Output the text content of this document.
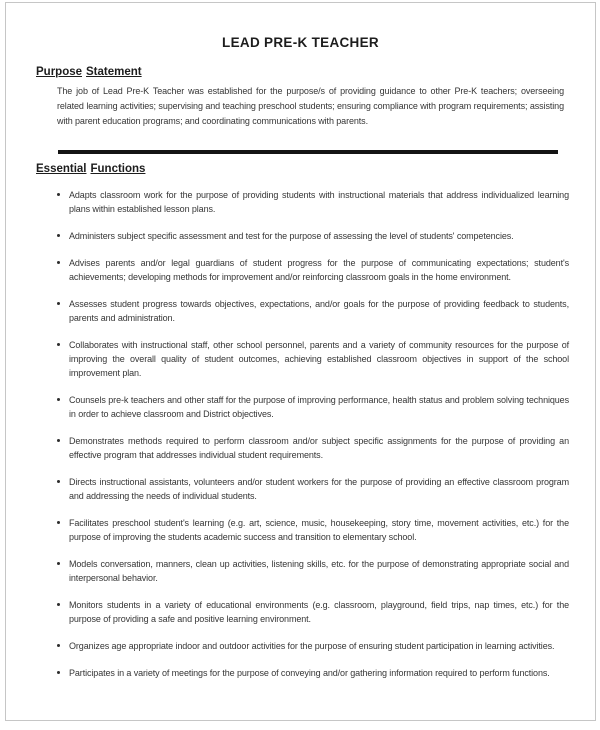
LEAD PRE-K TEACHER
Purpose Statement

The job of Lead Pre-K Teacher was established for the purpose/s of providing guidance to other Pre-K teachers; overseeing related learning activities; supervising and teaching preschool students; ensuring compliance with program requirements; assisting with parent education programs; and coordinating communications with parents.

Essential Functions
Adapts classroom work for the purpose of providing students with instructional materials that address individualized learning plans within established lesson plans.
Administers subject specific assessment and test for the purpose of assessing the level of students' competencies.
Advises parents and/or legal guardians of student progress for the purpose of communicating expectations; student's achievements; developing methods for improvement and/or reinforcing classroom goals in the home environment.
Assesses student progress towards objectives, expectations, and/or goals for the purpose of providing feedback to students, parents and administration.
Collaborates with instructional staff, other school personnel, parents and a variety of community resources for the purpose of improving the overall quality of student outcomes, achieving established classroom objectives in support of the school improvement plan.
Counsels pre-k teachers and other staff for the purpose of improving performance, health status and problem solving techniques in order to achieve classroom and District objectives.
Demonstrates methods required to perform classroom and/or subject specific assignments for the purpose of providing an effective program that addresses individual student requirements.
Directs instructional assistants, volunteers and/or student workers for the purpose of providing an effective classroom program and addressing the needs of individual students.
Facilitates preschool student's learning (e.g. art, science, music, housekeeping, story time, movement activities, etc.) for the purpose of improving the students academic success and transition to elementary school.
Models conversation, manners, clean up activities, listening skills, etc. for the purpose of demonstrating appropriate social and interpersonal behavior.
Monitors students in a variety of educational environments (e.g. classroom, playground, field trips, nap times, etc.) for the purpose of providing a safe and positive learning environment.
Organizes age appropriate indoor and outdoor activities for the purpose of ensuring student participation in learning activities.
Participates in a variety of meetings for the purpose of conveying and/or gathering information required to perform functions.
